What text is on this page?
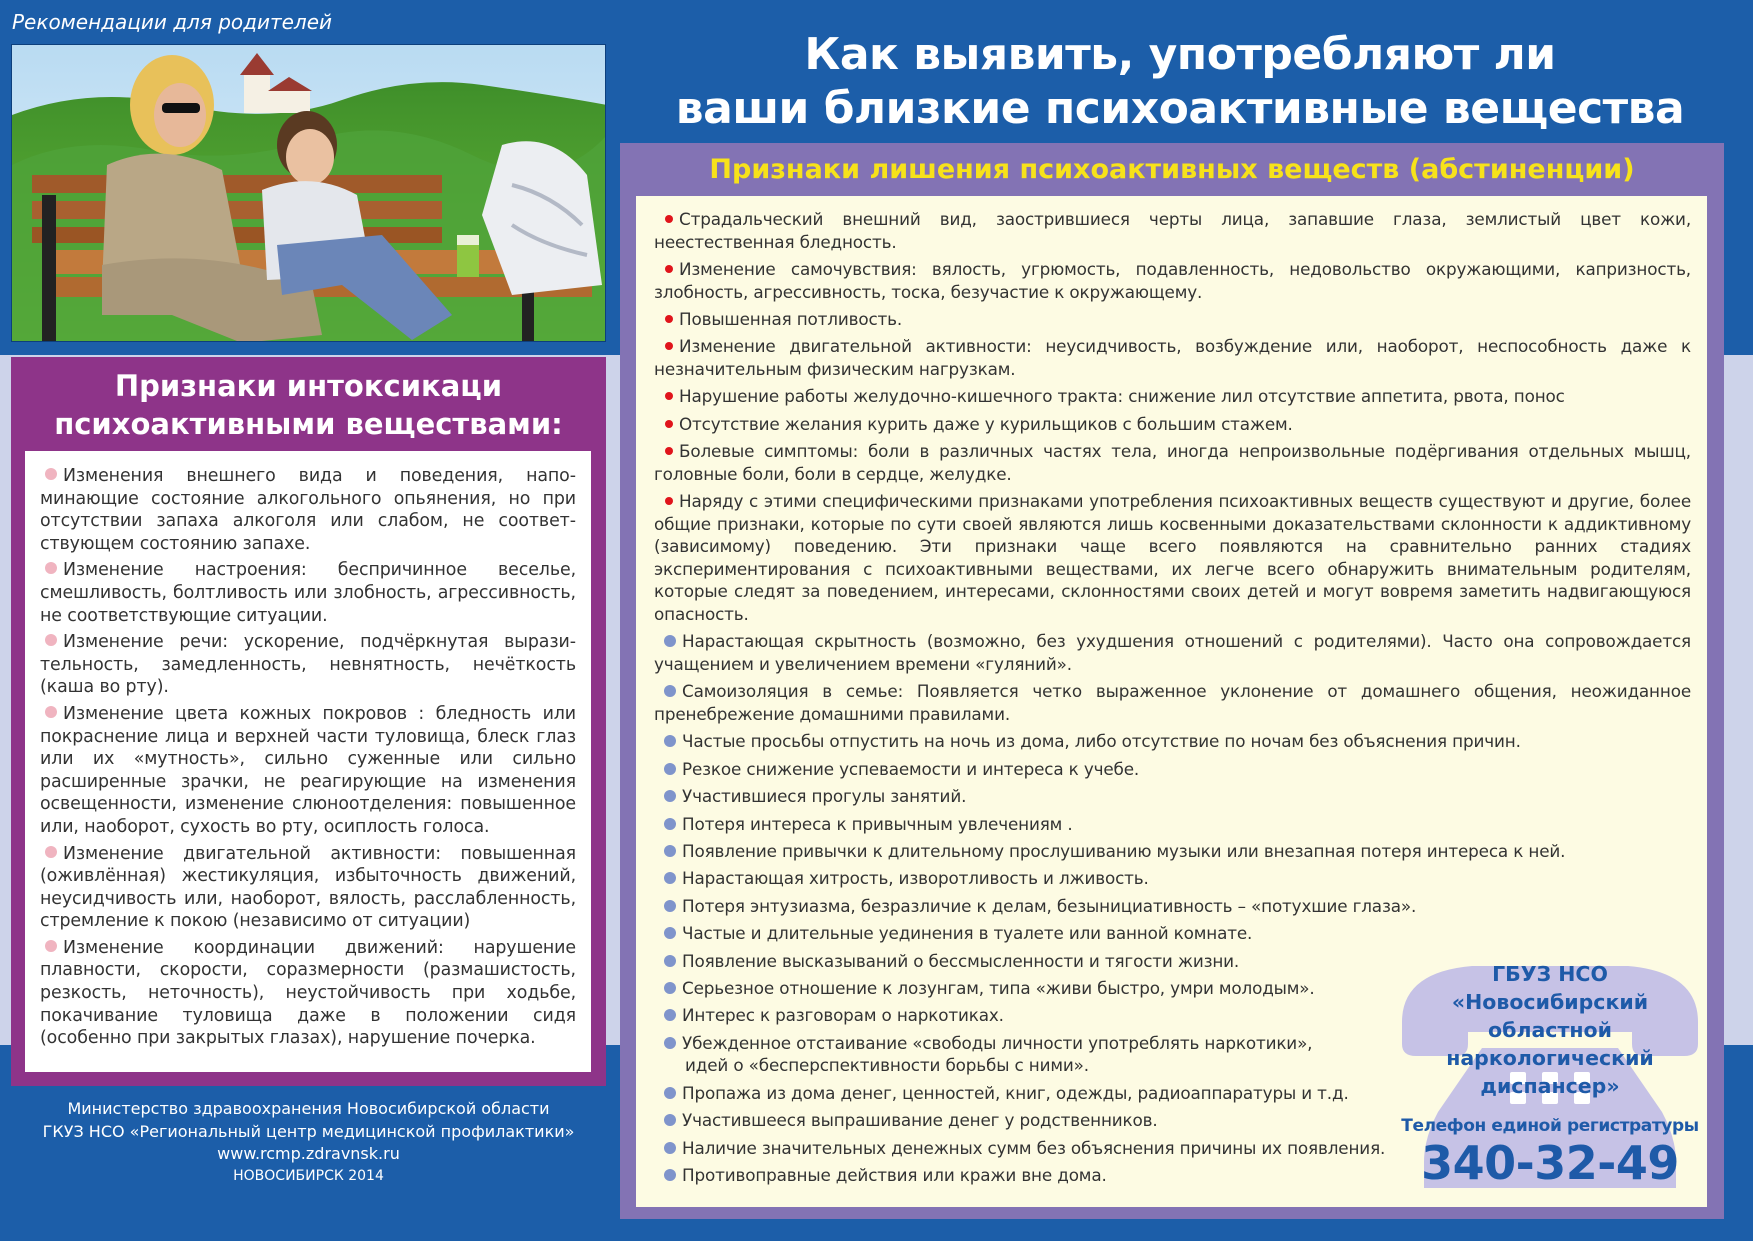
Рекомендации для родителей
Как выявить, употребляют ли
ваши близкие психоактивные вещества
Признаки интоксикаци
психоактивными веществами:

Изменения внешнего вида и поведения, напоминающие состояние алкогольного опьянения, но при отсутствии запаха алкоголя или слабом, не соответствующем состоянию запахе.

Изменение настроения: беспричинное веселье, смешливость, болтливость или злобность, агрессивность, не соответствующие ситуации.

Изменение речи: ускорение, подчёркнутая выразительность, замедленность, невнятность, нечёткость (каша во рту).

Изменение цвета кожных покровов : бледность или покраснение лица и верхней части туловища, блеск глаз или их «мутность», сильно суженные или сильно расширенные зрачки, не реагирующие на изменения освещенности, изменение слюноотделения: повышенное или, наоборот, сухость во рту, осиплость голоса.

Изменение двигательной активности: повышенная (оживлённая) жестикуляция, избыточность движений, неусидчивость или, наоборот, вялость, расслабленность, стремление к покою (независимо от ситуации)

Изменение координации движений: нарушение плавности, скорости, соразмерности (размашистость, резкость, неточность), неустойчивость при ходьбе, покачивание туловища даже в положении сидя (особенно при закрытых глазах), нарушение почерка.

Министерство здравоохранения Новосибирской области
ГКУЗ НСО «Региональный центр медицинской профилактики»
www.rcmp.zdravnsk.ru
НОВОСИБИРСК 2014
Признаки лишения психоактивных веществ (абстиненции)

Страдальческий внешний вид, заострившиеся черты лица, запавшие глаза, землистый цвет кожи, неестественная бледность.

Изменение самочувствия: вялость, угрюмость, подавленность, недовольство окружающими, капризность, злобность, агрессивность, тоска, безучастие к окружающему.

Повышенная потливость.

Изменение двигательной активности: неусидчивость, возбуждение или, наоборот, неспособность даже к незначительным физическим нагрузкам.

Нарушение работы желудочно-кишечного тракта: снижение лил отсутствие аппетита, рвота, понос

Отсутствие желания курить даже у курильщиков с большим стажем.

Болевые симптомы: боли в различных частях тела, иногда непроизвольные подёргивания отдельных мышц, головные боли, боли в сердце, желудке.

Наряду с этими специфическими признаками употребления психоактивных веществ существуют и другие, более общие признаки, которые по сути своей являются лишь косвенными доказательствами склонности к аддиктивному (зависимому) поведению. Эти признаки чаще всего появляются на сравнительно ранних стадиях экспериментирования с психоактивными веществами, их легче всего обнаружить внимательным родителям, которые следят за поведением, интересами, склонностями своих детей и могут вовремя заметить надвигающуюся опасность.

Нарастающая скрытность (возможно, без ухудшения отношений с родителями). Часто она сопровождается учащением и увеличением времени «гуляний».

Самоизоляция в семье: Появляется четко выраженное уклонение от домашнего общения, неожиданное пренебрежение домашними правилами.

Частые просьбы отпустить на ночь из дома, либо отсутствие по ночам без объяснения причин.

Резкое снижение успеваемости и интереса к учебе.

Участившиеся прогулы занятий.

Потеря интереса к привычным увлечениям .

Появление привычки к длительному прослушиванию музыки или внезапная потеря интереса к ней.

Нарастающая хитрость, изворотливость и лживость.

Потеря энтузиазма, безразличие к делам, безынициативность – «потухшие глаза».

Частые и длительные уединения в туалете или ванной комнате.

Появление высказываний о бессмысленности и тягости жизни.

Серьезное отношение к лозунгам, типа «живи быстро, умри молодым».

Интерес к разговорам о наркотиках.

Убежденное отстаивание «свободы личности употреблять наркотики»,
идей о «бесперспективности борьбы с ними».

Пропажа из дома денег, ценностей, книг, одежды, радиоаппаратуры и т.д.

Участившееся выпрашивание денег у родственников.

Наличие значительных денежных сумм без объяснения причины их появления.

Противоправные действия или кражи вне дома.

ГБУЗ НСО
«Новосибирский
областной
наркологический
диспансер»
Телефон единой регистратуры
340-32-49
